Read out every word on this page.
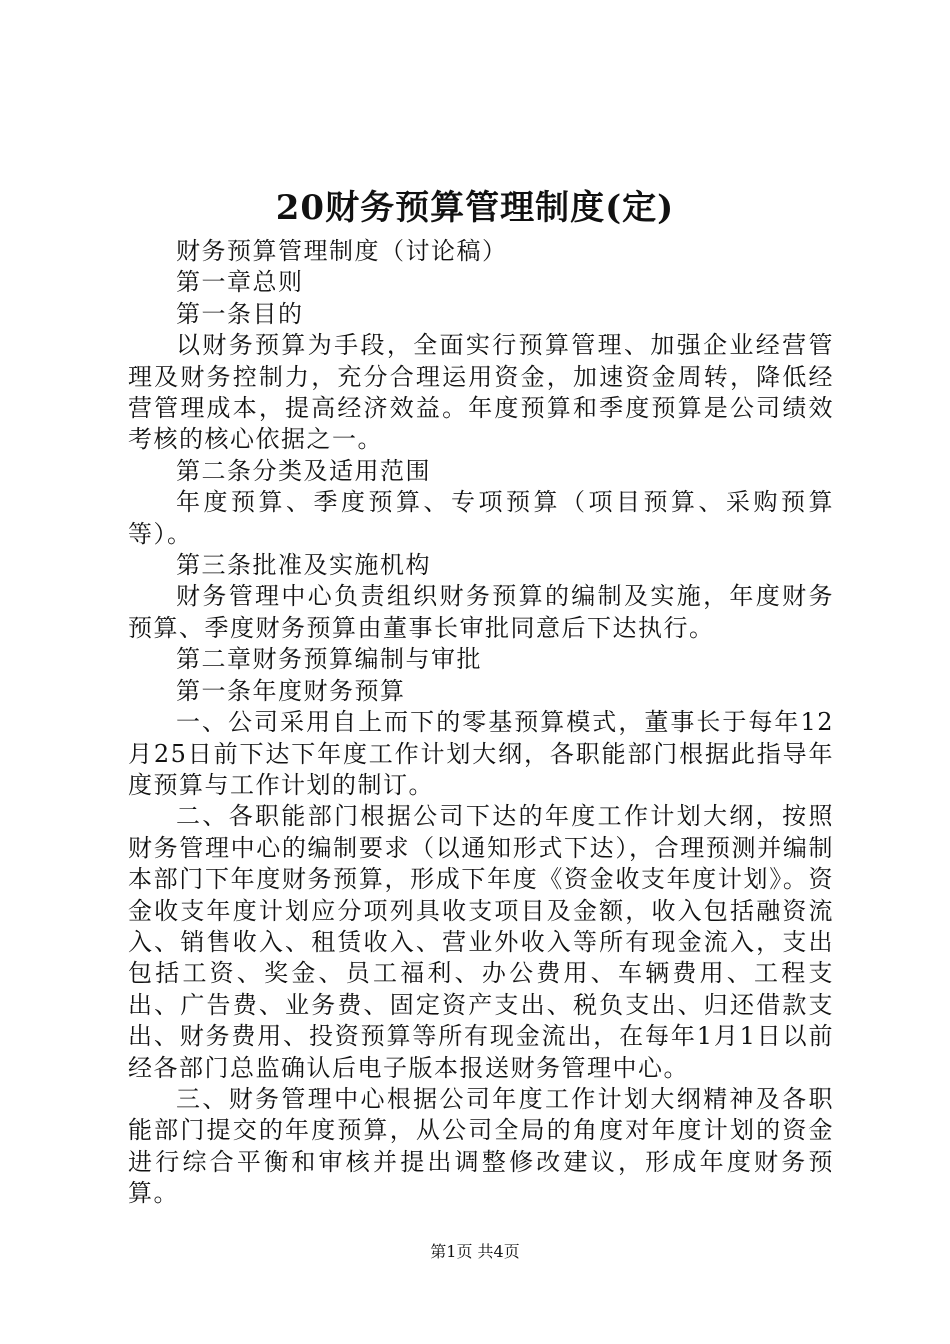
20财务预算管理制度(定)

财务预算管理制度（讨论稿）

第一章总则

第一条目的

以财务预算为手段，全面实行预算管理、加强企业经营管理及财务控制力，充分合理运用资金，加速资金周转，降低经营管理成本，提高经济效益。年度预算和季度预算是公司绩效考核的核心依据之一。

第二条分类及适用范围

年度预算、季度预算、专项预算（项目预算、采购预算等）。

第三条批准及实施机构

财务管理中心负责组织财务预算的编制及实施，年度财务预算、季度财务预算由董事长审批同意后下达执行。

第二章财务预算编制与审批

第一条年度财务预算

一、公司采用自上而下的零基预算模式，董事长于每年12月25日前下达下年度工作计划大纲，各职能部门根据此指导年度预算与工作计划的制订。

二、各职能部门根据公司下达的年度工作计划大纲，按照财务管理中心的编制要求（以通知形式下达），合理预测并编制本部门下年度财务预算，形成下年度《资金收支年度计划》。资金收支年度计划应分项列具收支项目及金额，收入包括融资流入、销售收入、租赁收入、营业外收入等所有现金流入，支出包括工资、奖金、员工福利、办公费用、车辆费用、工程支出、广告费、业务费、固定资产支出、税负支出、归还借款支出、财务费用、投资预算等所有现金流出，在每年1月1日以前经各部门总监确认后电子版本报送财务管理中心。

三、财务管理中心根据公司年度工作计划大纲精神及各职能部门提交的年度预算，从公司全局的角度对年度计划的资金进行综合平衡和审核并提出调整修改建议，形成年度财务预算。

第1页 共4页
